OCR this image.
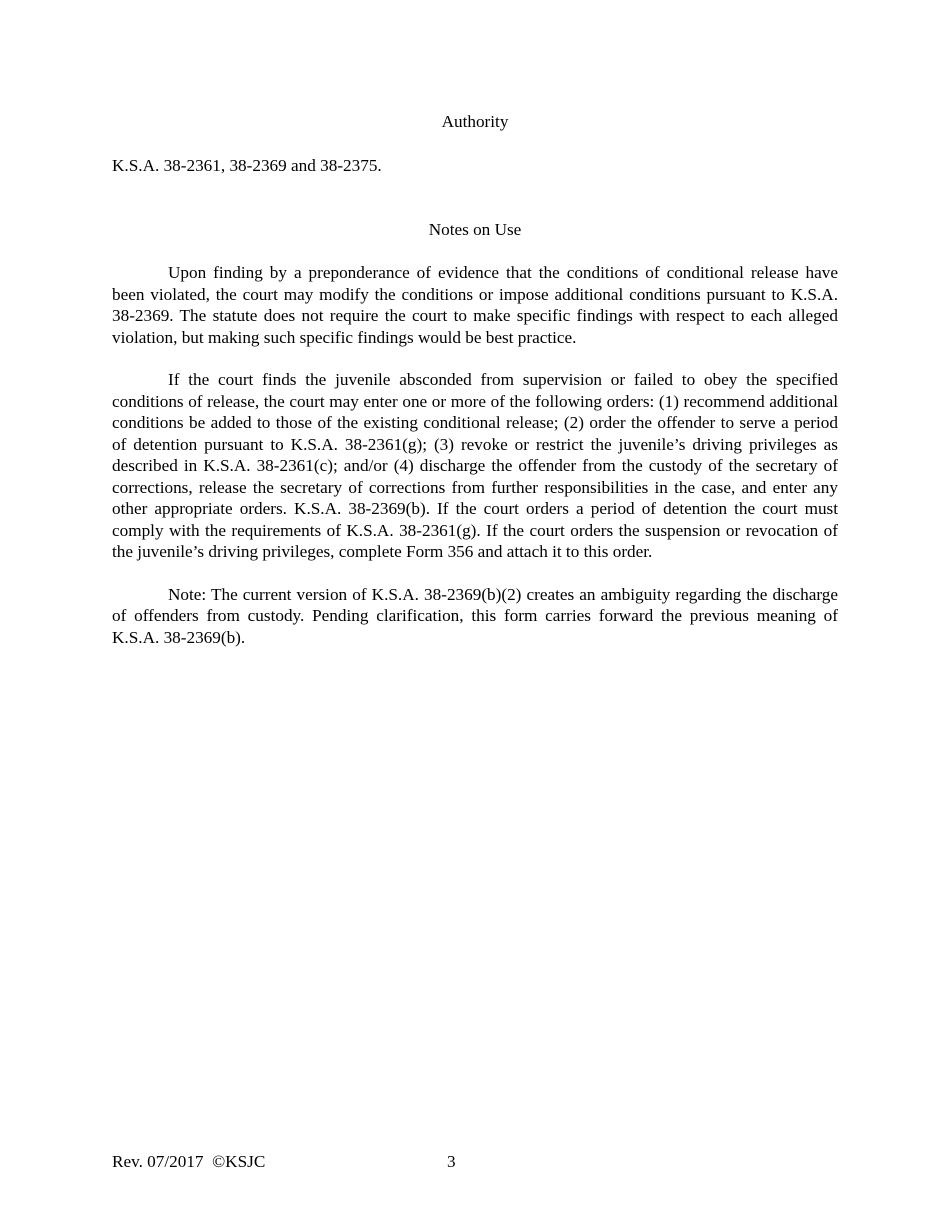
Authority

K.S.A. 38-2361, 38-2369 and 38-2375.

Notes on Use

Upon finding by a preponderance of evidence that the conditions of conditional release have been violated, the court may modify the conditions or impose additional conditions pursuant to K.S.A. 38-2369. The statute does not require the court to make specific findings with respect to each alleged violation, but making such specific findings would be best practice.

If the court finds the juvenile absconded from supervision or failed to obey the specified conditions of release, the court may enter one or more of the following orders: (1) recommend additional conditions be added to those of the existing conditional release; (2) order the offender to serve a period of detention pursuant to K.S.A. 38-2361(g); (3) revoke or restrict the juvenile’s driving privileges as described in K.S.A. 38-2361(c); and/or (4) discharge the offender from the custody of the secretary of corrections, release the secretary of corrections from further responsibilities in the case, and enter any other appropriate orders. K.S.A. 38-2369(b). If the court orders a period of detention the court must comply with the requirements of K.S.A. 38-2361(g). If the court orders the suspension or revocation of the juvenile’s driving privileges, complete Form 356 and attach it to this order.

Note: The current version of K.S.A. 38-2369(b)(2) creates an ambiguity regarding the discharge of offenders from custody. Pending clarification, this form carries forward the previous meaning of K.S.A. 38-2369(b).

Rev. 07/2017  ©KSJC	3
